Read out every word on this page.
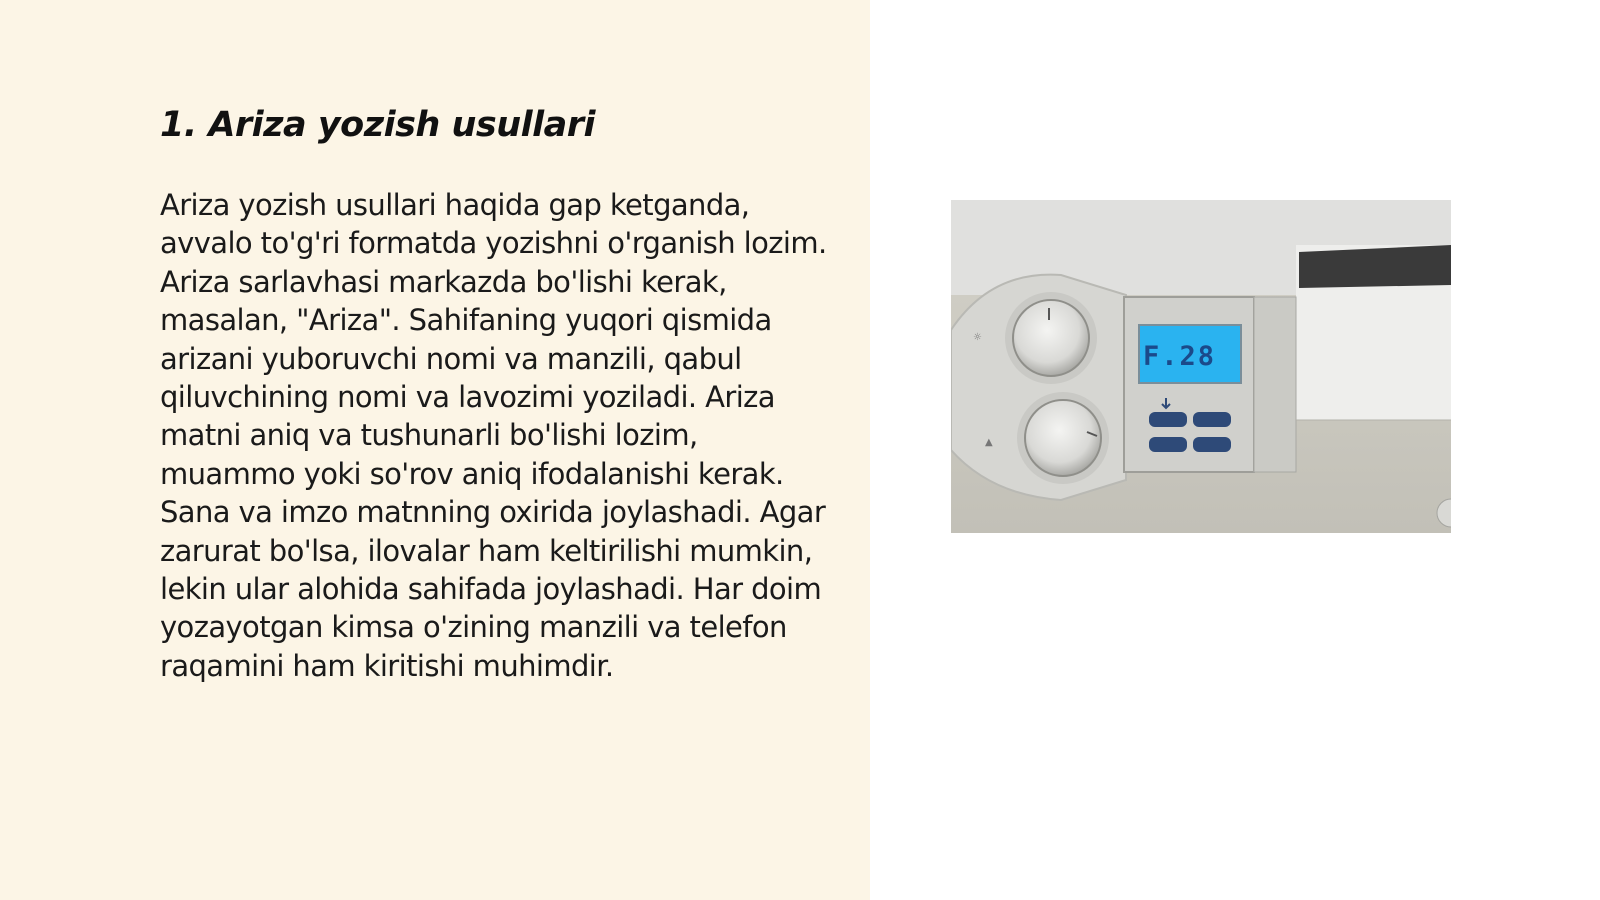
1. Ariza yozish usullari

Ariza yozish usullari haqida gap ketganda, avvalo to'g'ri formatda yozishni o'rganish lozim. Ariza sarlavhasi markazda bo'lishi kerak, masalan, "Ariza". Sahifaning yuqori qismida arizani yuboruvchi nomi va manzili, qabul qiluvchining nomi va lavozimi yoziladi. Ariza matni aniq va tushunarli bo'lishi lozim, muammo yoki so'rov aniq ifodalanishi kerak. Sana va imzo matnning oxirida joylashadi. Agar zarurat bo'lsa, ilovalar ham keltirilishi mumkin, lekin ular alohida sahifada joylashadi. Har doim yozayotgan kimsa o'zining manzili va telefon raqamini ham kiritishi muhimdir.

☼
▲
F.28
